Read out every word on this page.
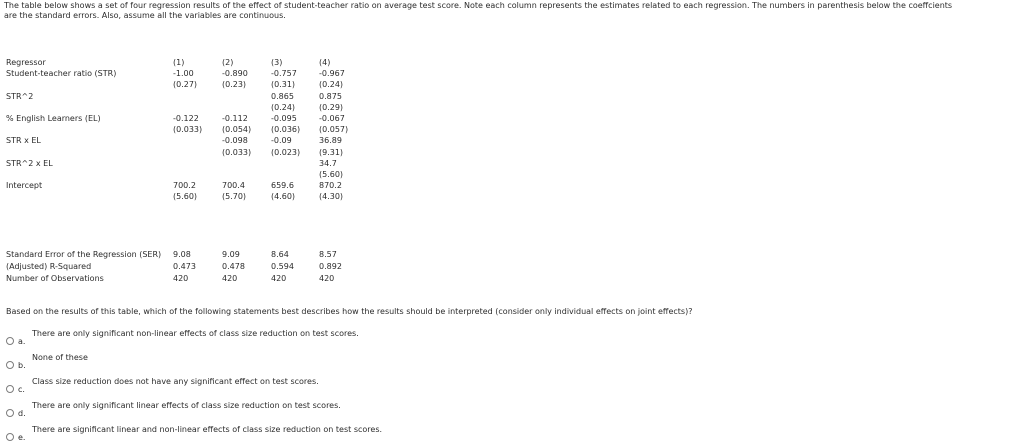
The table below shows a set of four regression results of the effect of student-teacher ratio on average test score. Note each column represents the estimates related to each regression. The numbers in parenthesis below the coeffcients
are the standard errors. Also, assume all the variables are continuous.
Regressor	(1)	(2)	(3)	(4)
Student-teacher ratio (STR)	-1.00	-0.890	-0.757	-0.967
	(0.27)	(0.23)	(0.31)	(0.24)
STR^2			0.865	0.875
			(0.24)	(0.29)
% English Learners (EL)	-0.122	-0.112	-0.095	-0.067
	(0.033)	(0.054)	(0.036)	(0.057)
STR x EL		-0.098	-0.09	36.89
		(0.033)	(0.023)	(9.31)
STR^2 x EL				34.7
				(5.60)
Intercept	700.2	700.4	659.6	870.2
	(5.60)	(5.70)	(4.60)	(4.30)
Standard Error of the Regression (SER)	9.08	9.09	8.64	8.57
(Adjusted) R-Squared	0.473	0.478	0.594	0.892
Number of Observations	420	420	420	420
Based on the results of this table, which of the following statements best describes how the results should be interpreted (consider only individual effects on joint effects)?
a.
There are only significant non-linear effects of class size reduction on test scores.
b.
None of these
c.
Class size reduction does not have any significant effect on test scores.
d.
There are only significant linear effects of class size reduction on test scores.
e.
There are significant linear and non-linear effects of class size reduction on test scores.
